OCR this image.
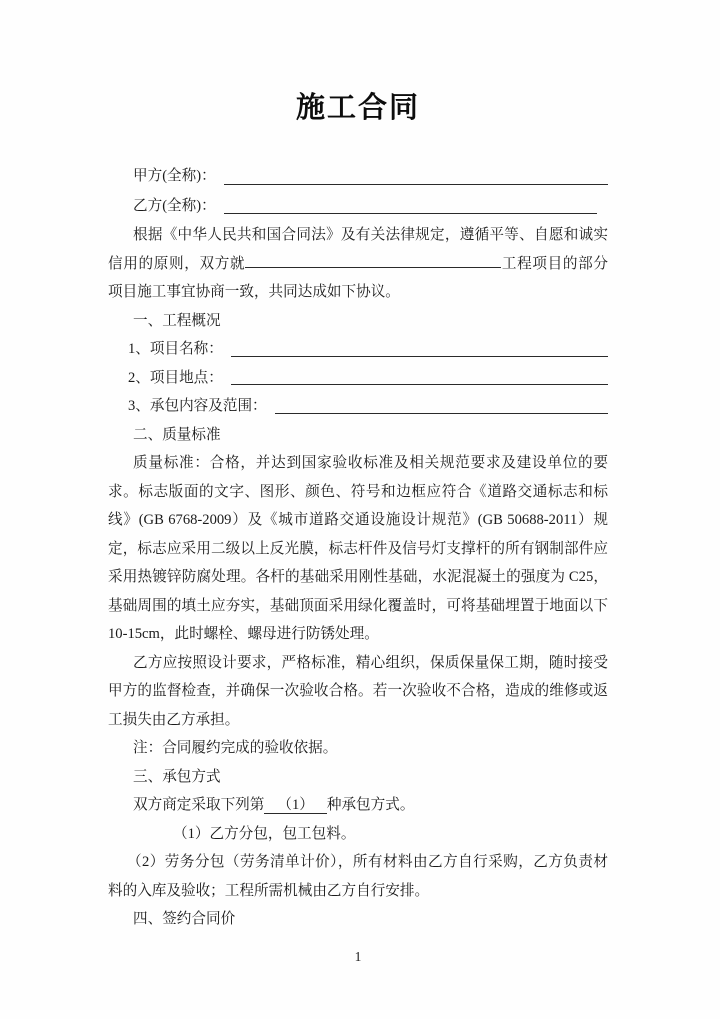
施工合同
甲方(全称)：
乙方(全称)：

根据《中华人民共和国合同法》及有关法律规定，遵循平等、自愿和诚实信用的原则，双方就	工程项目的部分项目施工事宜协商一致，共同达成如下协议。

一、工程概况

1、项目名称：
2、项目地点：
3、承包内容及范围：

二、质量标准

质量标准：合格，并达到国家验收标准及相关规范要求及建设单位的要求。标志版面的文字、图形、颜色、符号和边框应符合《道路交通标志和标线》(GB 6768-2009）及《城市道路交通设施设计规范》(GB 50688-2011）规定，标志应采用二级以上反光膜，标志杆件及信号灯支撑杆的所有钢制部件应采用热镀锌防腐处理。各杆的基础采用刚性基础，水泥混凝土的强度为 C25，基础周围的填土应夯实，基础顶面采用绿化覆盖时，可将基础埋置于地面以下 10-15cm，此时螺栓、螺母进行防锈处理。

乙方应按照设计要求，严格标准，精心组织，保质保量保工期，随时接受甲方的监督检查，并确保一次验收合格。若一次验收不合格，造成的维修或返工损失由乙方承担。

注：合同履约完成的验收依据。

三、承包方式

双方商定采取下列第 （1） 种承包方式。

（1）乙方分包，包工包料。

（2）劳务分包（劳务清单计价），所有材料由乙方自行采购，乙方负责材料的入库及验收；工程所需机械由乙方自行安排。

四、签约合同价

1
